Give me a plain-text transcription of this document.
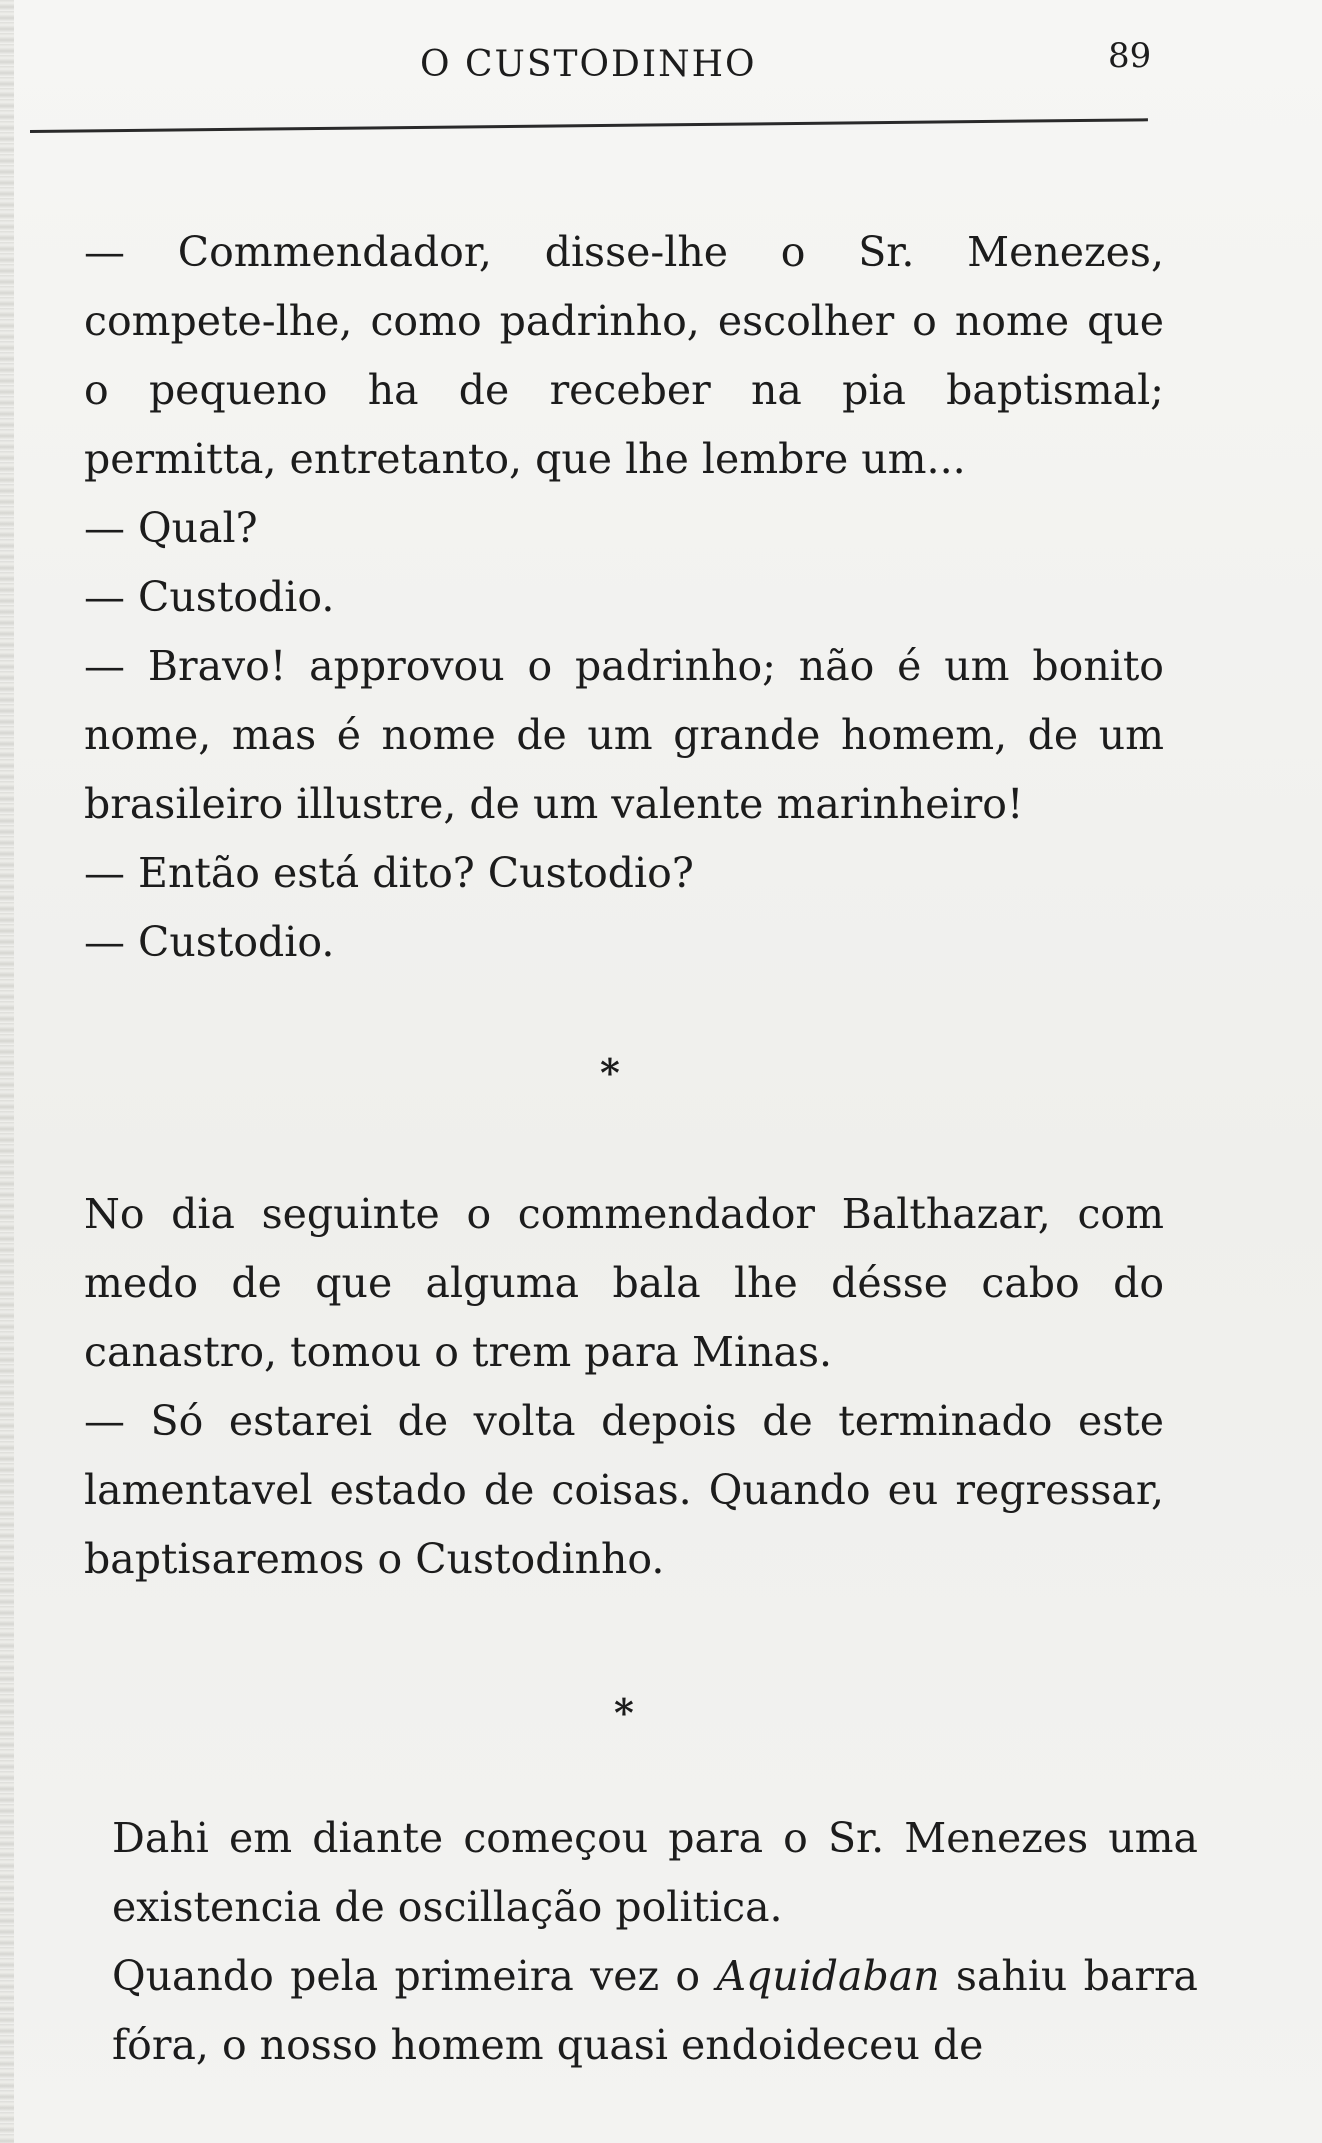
O CUSTODINHO	89

— Commendador, disse-lhe o Sr. Menezes, compete-lhe, como padrinho, escolher o nome que o pequeno ha de receber na pia baptismal; permitta, entretanto, que lhe lembre um...

— Qual?

— Custodio.

— Bravo! approvou o padrinho; não é um bonito nome, mas é nome de um grande homem, de um brasileiro illustre, de um valente marinheiro!

— Então está dito? Custodio?

— Custodio.

*

No dia seguinte o commendador Balthazar, com medo de que alguma bala lhe désse cabo do canastro, tomou o trem para Minas.

— Só estarei de volta depois de terminado este lamentavel estado de coisas. Quando eu regressar, baptisaremos o Custodinho.

*

Dahi em diante começou para o Sr. Menezes uma existencia de oscillação politica.

Quando pela primeira vez o Aquidaban sahiu barra fóra, o nosso homem quasi endoideceu de
